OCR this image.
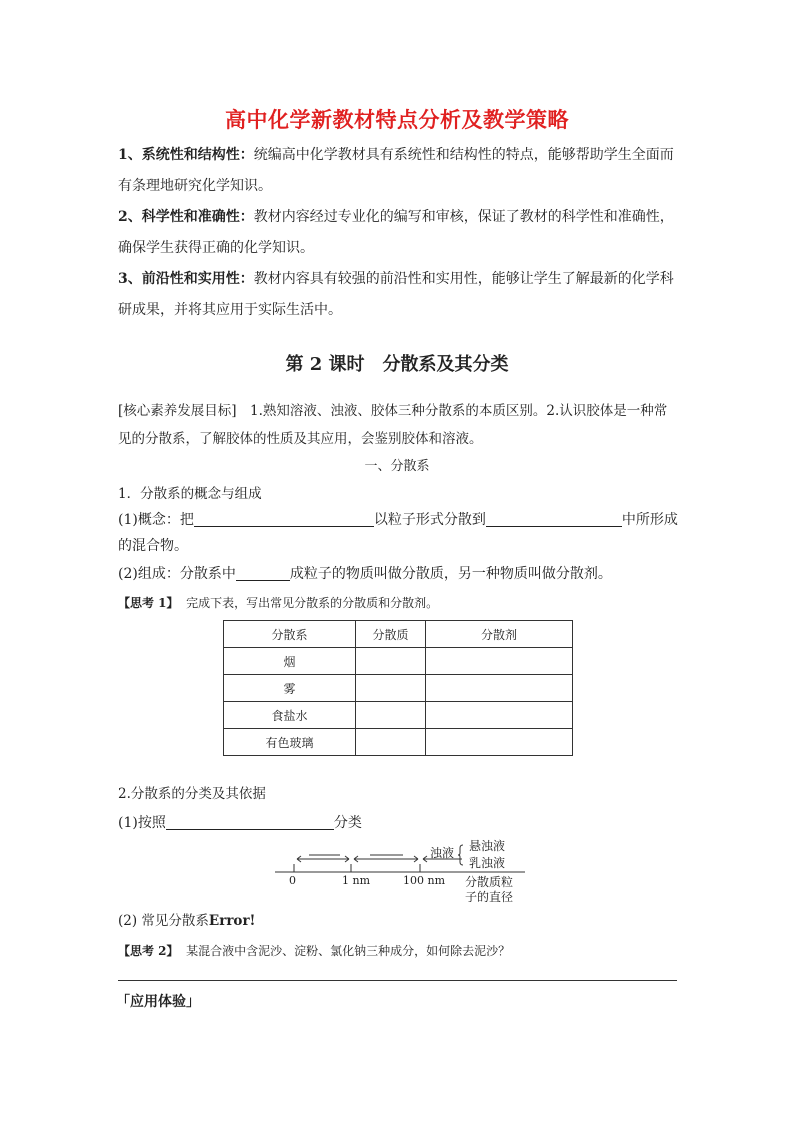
高中化学新教材特点分析及教学策略
1、系统性和结构性：统编高中化学教材具有系统性和结构性的特点，能够帮助学生全面而
有条理地研究化学知识。
2、科学性和准确性：教材内容经过专业化的编写和审核，保证了教材的科学性和准确性，
确保学生获得正确的化学知识。
3、前沿性和实用性：教材内容具有较强的前沿性和实用性，能够让学生了解最新的化学科
研成果，并将其应用于实际生活中。
第 2 课时　分散系及其分类
[核心素养发展目标]　1.熟知溶液、浊液、胶体三种分散系的本质区别。2.认识胶体是一种常
见的分散系，了解胶体的性质及其应用，会鉴别胶体和溶液。
一、分散系
1．分散系的概念与组成
(1)概念：把	以粒子形式分散到	中所形成
的混合物。
(2)组成：分散系中	成粒子的物质叫做分散质，另一种物质叫做分散剂。
【思考 1】 完成下表，写出常见分散系的分散质和分散剂。
分散系	分散质	分散剂
烟		
雾		
食盐水		
有色玻璃		
2.分散系的分类及其依据
(1)按照	分类
浊液 悬浊液
乳浊液
0	1 nm	100 nm 分散质粒
子的直径
(2) 常见分散系Error!
【思考 2】 某混合液中含泥沙、淀粉、氯化钠三种成分，如何除去泥沙？
「应用体验」
